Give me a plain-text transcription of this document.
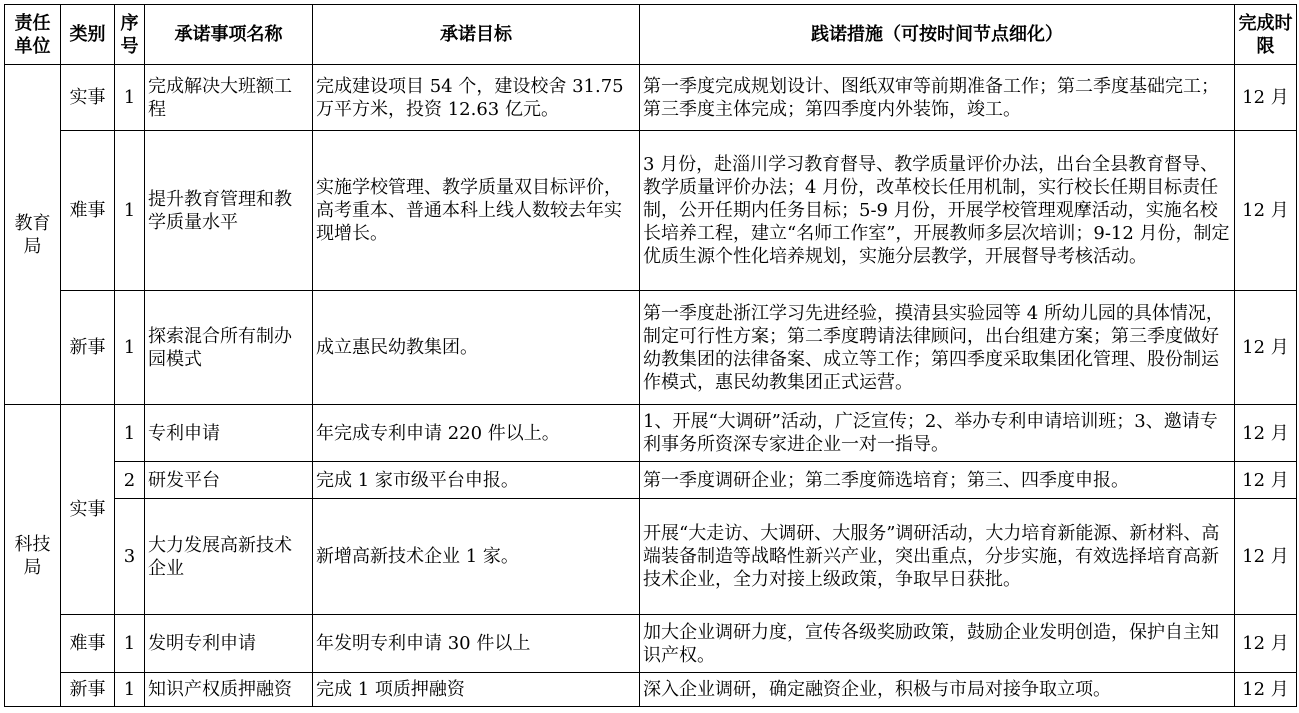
责任单位	类别	序号	承诺事项名称	承诺目标	践诺措施（可按时间节点细化）	完成时限
教育局	实事	1	完成解决大班额工程	完成建设项目 54 个，建设校舍 31.75 万平方米，投资 12.63 亿元。	第一季度完成规划设计、图纸双审等前期准备工作；第二季度基础完工；第三季度主体完成；第四季度内外装饰，竣工。	12 月
	难事	1	提升教育管理和教学质量水平	实施学校管理、教学质量双目标评价，高考重本、普通本科上线人数较去年实现增长。	3 月份，赴淄川学习教育督导、教学质量评价办法，出台全县教育督导、教学质量评价办法；4 月份，改革校长任用机制，实行校长任期目标责任制，公开任期内任务目标；5-9 月份，开展学校管理观摩活动，实施名校长培养工程，建立“名师工作室”，开展教师多层次培训；9-12 月份，制定优质生源个性化培养规划，实施分层教学，开展督导考核活动。	12 月
	新事	1	探索混合所有制办园模式	成立惠民幼教集团。	第一季度赴浙江学习先进经验，摸清县实验园等 4 所幼儿园的具体情况，制定可行性方案；第二季度聘请法律顾问，出台组建方案；第三季度做好幼教集团的法律备案、成立等工作；第四季度采取集团化管理、股份制运作模式，惠民幼教集团正式运营。	12 月
科技局	实事	1	专利申请	年完成专利申请 220 件以上。	1、开展“大调研”活动，广泛宣传；2、举办专利申请培训班；3、邀请专利事务所资深专家进企业一对一指导。	12 月
		2	研发平台	完成 1 家市级平台申报。	第一季度调研企业；第二季度筛选培育；第三、四季度申报。	12 月
		3	大力发展高新技术企业	新增高新技术企业 1 家。	开展“大走访、大调研、大服务”调研活动，大力培育新能源、新材料、高端装备制造等战略性新兴产业，突出重点，分步实施，有效选择培育高新技术企业，全力对接上级政策，争取早日获批。	12 月
	难事	1	发明专利申请	年发明专利申请 30 件以上	加大企业调研力度，宣传各级奖励政策，鼓励企业发明创造，保护自主知识产权。	12 月
	新事	1	知识产权质押融资	完成 1 项质押融资	深入企业调研，确定融资企业，积极与市局对接争取立项。	12 月
